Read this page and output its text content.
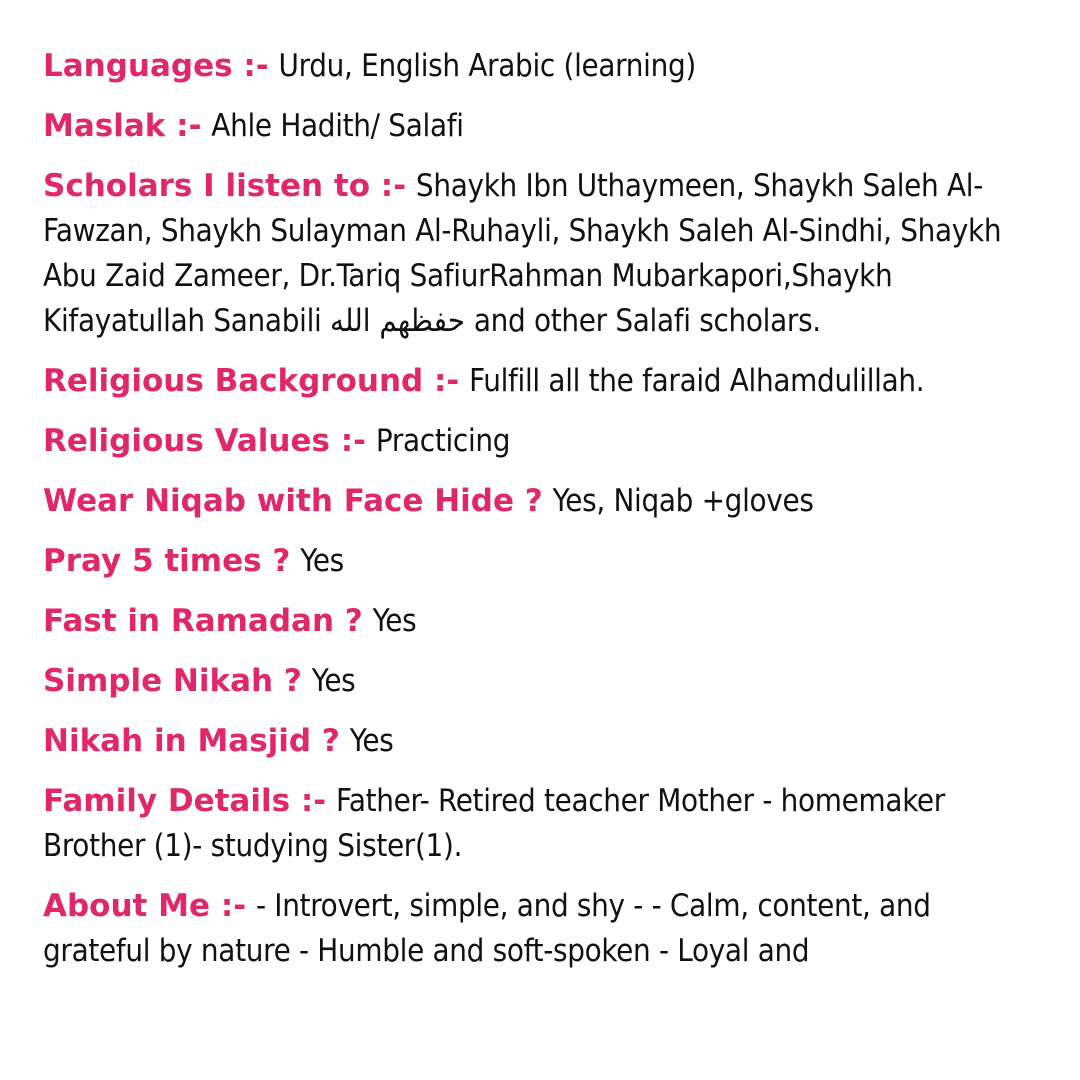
Languages :- Urdu, English Arabic (learning)

Maslak :- Ahle Hadith/ Salafi

Scholars I listen to :- Shaykh Ibn Uthaymeen, Shaykh Saleh Al-Fawzan, Shaykh Sulayman Al-Ruhayli, Shaykh Saleh Al-Sindhi, Shaykh Abu Zaid Zameer, Dr.Tariq SafiurRahman Mubarkapori,Shaykh Kifayatullah Sanabili حفظهم الله and other Salafi scholars.

Religious Background :- Fulfill all the faraid Alhamdulillah.

Religious Values :- Practicing

Wear Niqab with Face Hide ? Yes, Niqab +gloves

Pray 5 times ? Yes

Fast in Ramadan ? Yes

Simple Nikah ? Yes

Nikah in Masjid ? Yes

Family Details :- Father- Retired teacher Mother - homemaker Brother (1)- studying Sister(1).

About Me :- - Introvert, simple, and shy - - Calm, content, and grateful by nature - Humble and soft-spoken - Loyal and
